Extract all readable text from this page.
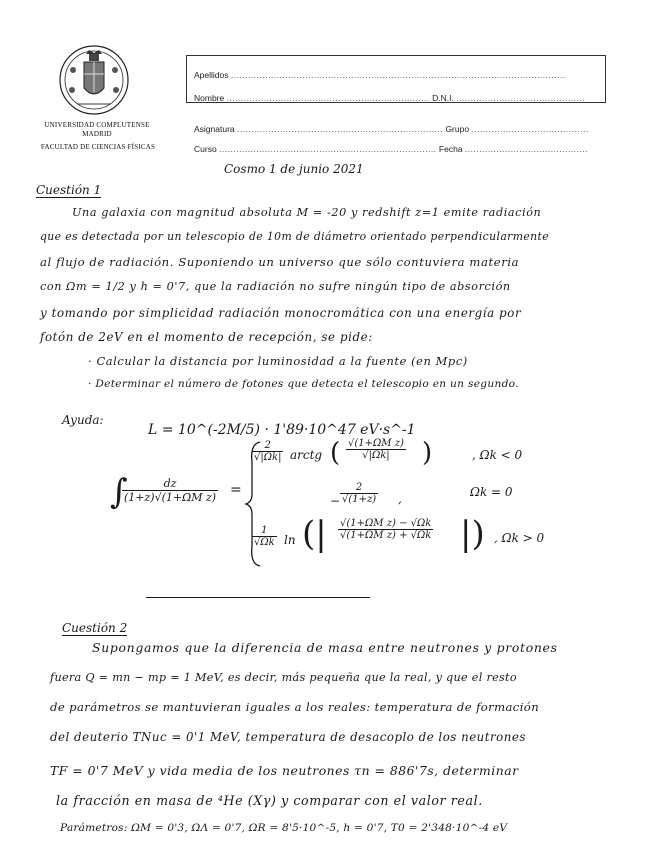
UNIVERSIDAD COMPLUTENSE
MADRID
FACULTAD DE CIENCIAS FÍSICAS
Apellidos .....................................................................................................................
Nombre ....................................................................... D.N.I. .............................................
Asignatura ........................................................................ Grupo .........................................
Curso ............................................................................ Fecha ...........................................
Cosmo 1 de junio 2021
Cuestión 1
Una galaxia con magnitud absoluta M = -20 y redshift z=1 emite radiación
que es detectada por un telescopio de 10m de diámetro orientado perpendicularmente
al flujo de radiación. Suponiendo un universo que sólo contuviera materia
con Ωm = 1/2 y h = 0'7, que la radiación no sufre ningún tipo de absorción
y tomando por simplicidad radiación monocromática con una energía por
fotón de 2eV en el momento de recepción, se pide:
· Calcular la distancia por luminosidad a la fuente (en Mpc)
· Determinar el número de fotones que detecta el telescopio en un segundo.
Ayuda:
L = 10^(-2M/5) · 1'89·10^47 eV·s^-1
∫
$\frac{dz}{\text{(1+z)√(1+ΩM z)}}$ =
$\frac{2}{√|\Omega k|}$ arctg ( $\frac{\text{√(1+ΩM z)}}{√|\Omega k|}$ )	, Ωk < 0
− $\frac{2}{√(1+z)}$ ,	Ωk = 0
$\frac{1}{√\Omega k}$ ln (| $\frac{\text{√(1+ΩM z) − √Ωk}}{\text{√(1+ΩM z) + √Ωk}}$ |) , Ωk > 0
Cuestión 2
Supongamos que la diferencia de masa entre neutrones y protones
fuera Q = mn − mp = 1 MeV, es decir, más pequeña que la real, y que el resto
de parámetros se mantuvieran iguales a los reales: temperatura de formación
del deuterio TNuc = 0'1 MeV, temperatura de desacoplo de los neutrones
TF = 0'7 MeV y vida media de los neutrones τn = 886'7s, determinar
la fracción en masa de ⁴He (Xγ) y comparar con el valor real.
Parámetros: ΩM = 0'3, ΩΛ = 0'7, ΩR = 8'5·10^-5, h = 0'7, T0 = 2'348·10^-4 eV
